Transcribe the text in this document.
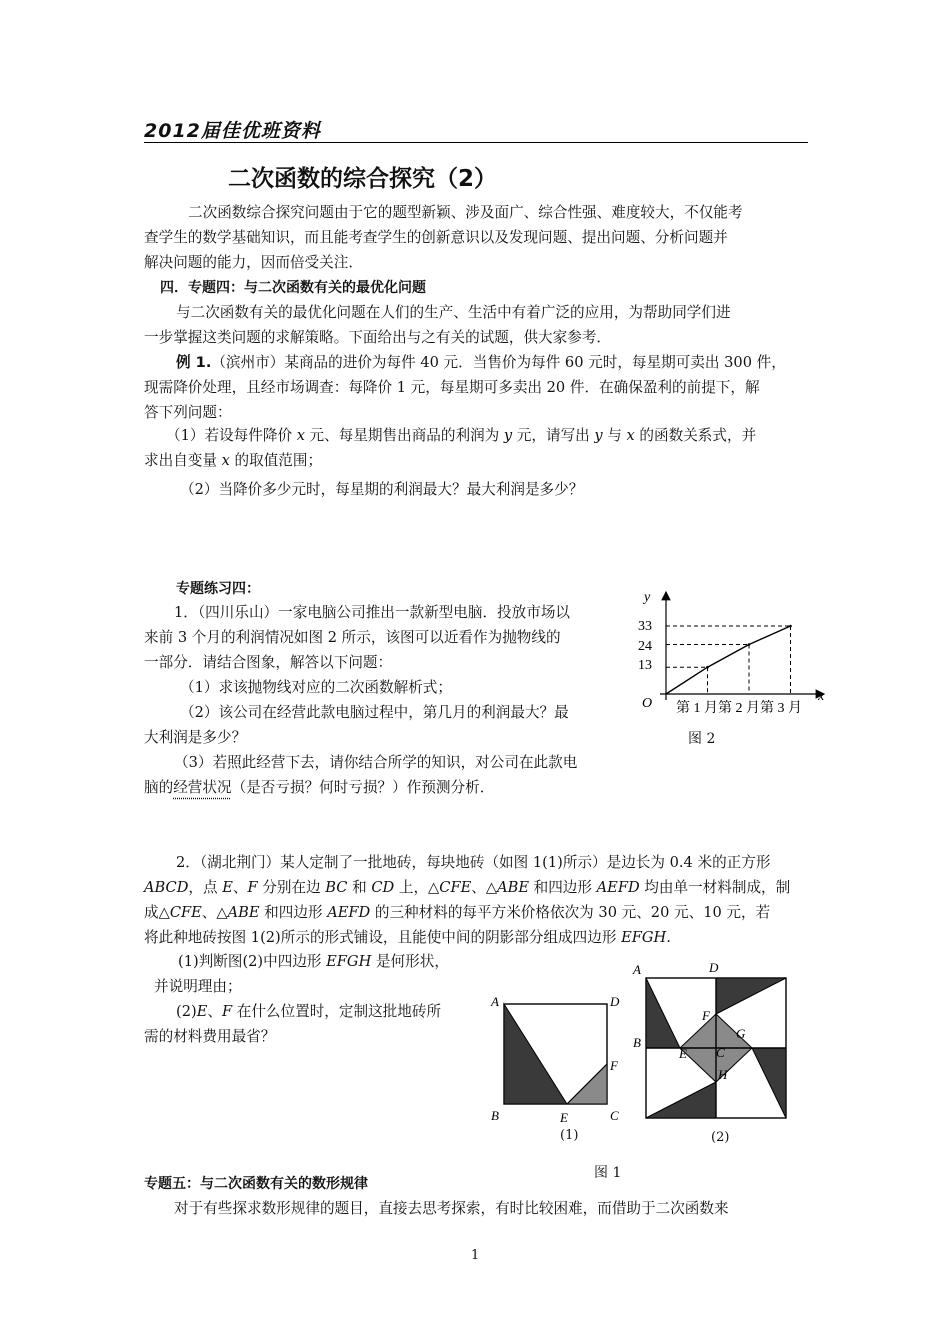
2012届佳优班资料
二次函数的综合探究（2）

二次函数综合探究问题由于它的题型新颖、涉及面广、综合性强、难度较大，不仅能考

查学生的数学基础知识，而且能考查学生的创新意识以及发现问题、提出问题、分析问题并

解决问题的能力，因而倍受关注．

四．专题四：与二次函数有关的最优化问题

与二次函数有关的最优化问题在人们的生产、生活中有着广泛的应用，为帮助同学们进

一步掌握这类问题的求解策略。下面给出与之有关的试题，供大家参考．

例 1.（滨州市）某商品的进价为每件 40 元．当售价为每件 60 元时，每星期可卖出 300 件，

现需降价处理，且经市场调查：每降价 1 元，每星期可多卖出 20 件．在确保盈利的前提下，解

答下列问题：

（1）若设每件降价 x 元、每星期售出商品的利润为 y 元，请写出 y 与 x 的函数关系式，并

求出自变量 x 的取值范围；

（2）当降价多少元时，每星期的利润最大？最大利润是多少？

专题练习四：

1．（四川乐山）一家电脑公司推出一款新型电脑．投放市场以

来前 3 个月的利润情况如图 2 所示，该图可以近看作为抛物线的

一部分．请结合图象，解答以下问题：

（1）求该抛物线对应的二次函数解析式；

（2）该公司在经营此款电脑过程中，第几月的利润最大？最

大利润是多少？

（3）若照此经营下去，请你结合所学的知识，对公司在此款电

脑的经营状况（是否亏损？何时亏损？）作预测分析．

y
x
O
33
24
13
第 1 月第 2 月第 3 月
图 2

2．（湖北荆门）某人定制了一批地砖，每块地砖（如图 1(1)所示）是边长为 0.4 米的正方形

ABCD，点 E、F 分别在边 BC 和 CD 上，△CFE、△ABE 和四边形 AEFD 均由单一材料制成，制

成△CFE、△ABE 和四边形 AEFD 的三种材料的每平方米价格依次为 30 元、20 元、10 元，若

将此种地砖按图 1(2)所示的形式铺设，且能使中间的阴影部分组成四边形 EFGH.

(1)判断图(2)中四边形 EFGH 是何形状，

并说明理由；

(2)E、F 在什么位置时，定制这批地砖所

需的材料费用最省？

A	D
B	C
E
F
(1)
A	D
B
F
G
E C
H
(2)
图 1

专题五：与二次函数有关的数形规律

对于有些探求数形规律的题目，直接去思考探索，有时比较困难，而借助于二次函数来

1
